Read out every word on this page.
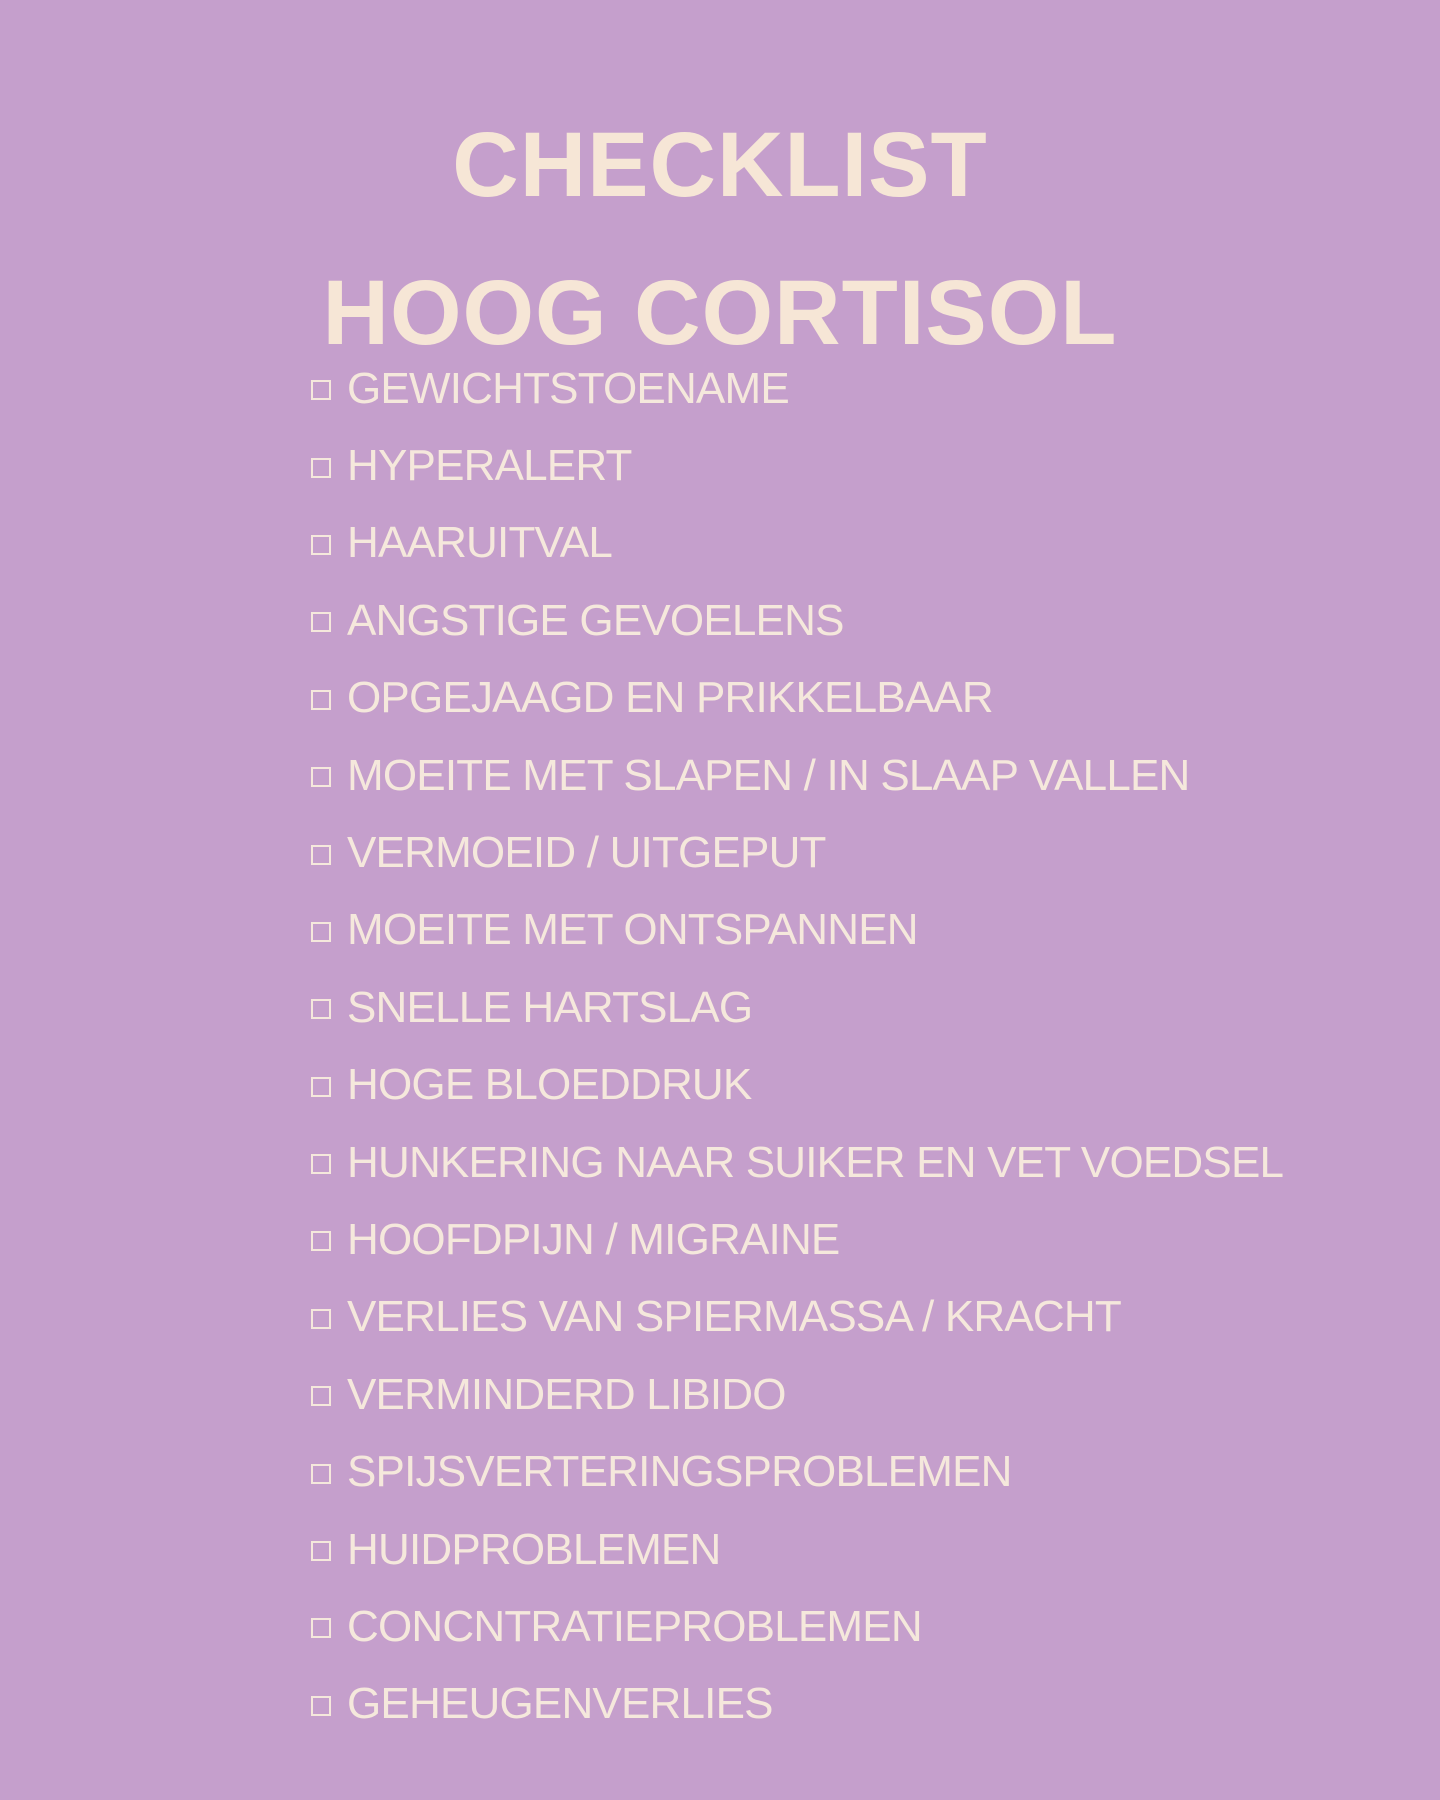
CHECKLIST
HOOG CORTISOL
GEWICHTSTOENAME
HYPERALERT
HAARUITVAL
ANGSTIGE GEVOELENS
OPGEJAAGD EN PRIKKELBAAR
MOEITE MET SLAPEN / IN SLAAP VALLEN
VERMOEID / UITGEPUT
MOEITE MET ONTSPANNEN
SNELLE HARTSLAG
HOGE BLOEDDRUK
HUNKERING NAAR SUIKER EN VET VOEDSEL
HOOFDPIJN / MIGRAINE
VERLIES VAN SPIERMASSA / KRACHT
VERMINDERD LIBIDO
SPIJSVERTERINGSPROBLEMEN
HUIDPROBLEMEN
CONCNTRATIEPROBLEMEN
GEHEUGENVERLIES
